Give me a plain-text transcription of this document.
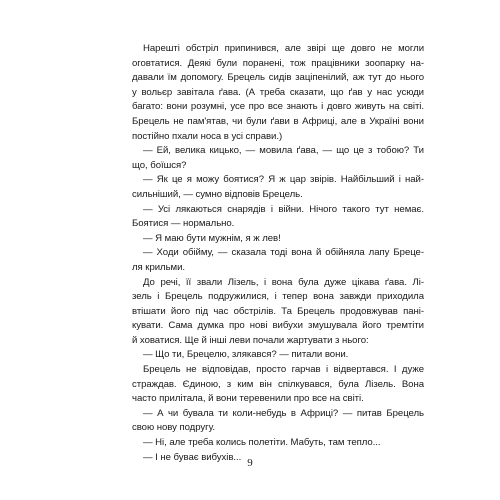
Нарешті обстріл припинився, але звірі ще довго не могли
оговтатися. Деякі були поранені, тож працівники зоопарку на-
давали їм допомогу. Брецель сидів заціпенілий, аж тут до нього
у вольєр завітала ґава. (А треба сказати, що ґав у нас усюди
багато: вони розумні, усе про все знають і довго живуть на світі.
Брецель не пам'ятав, чи були ґави в Африці, але в Україні вони
постійно пхали носа в усі справи.)
— Ей, велика кицько, — мовила ґава, — що це з тобою? Ти
що, боїшся?
— Як це я можу боятися? Я ж цар звірів. Найбільший і най-
сильніший, — сумно відповів Брецель.
— Усі лякаються снарядів і війни. Нічого такого тут немає.
Боятися — нормально.
— Я маю бути мужнім, я ж лев!
— Ходи обійму, — сказала тоді вона й обійняла лапу Бреце-
ля крильми.
До речі, її звали Лізель, і вона була дуже цікава ґава. Лі-
зель і Брецель подружилися, і тепер вона завжди приходила
втішати його під час обстрілів. Та Брецель продовжував пані-
кувати. Сама думка про нові вибухи змушувала його тремтіти
й ховатися. Ще й інші леви почали жартувати з нього:
— Що ти, Брецелю, злякався? — питали вони.
Брецель не відповідав, просто гарчав і відвертався. І дуже
страждав. Єдиною, з ким він спілкувався, була Лізель. Вона
часто прилітала, й вони теревенили про все на світі.
— А чи бувала ти коли-небудь в Африці? — питав Брецель
свою нову подругу.
— Ні, але треба колись полетіти. Мабуть, там тепло...
— І не буває вибухів... 9
